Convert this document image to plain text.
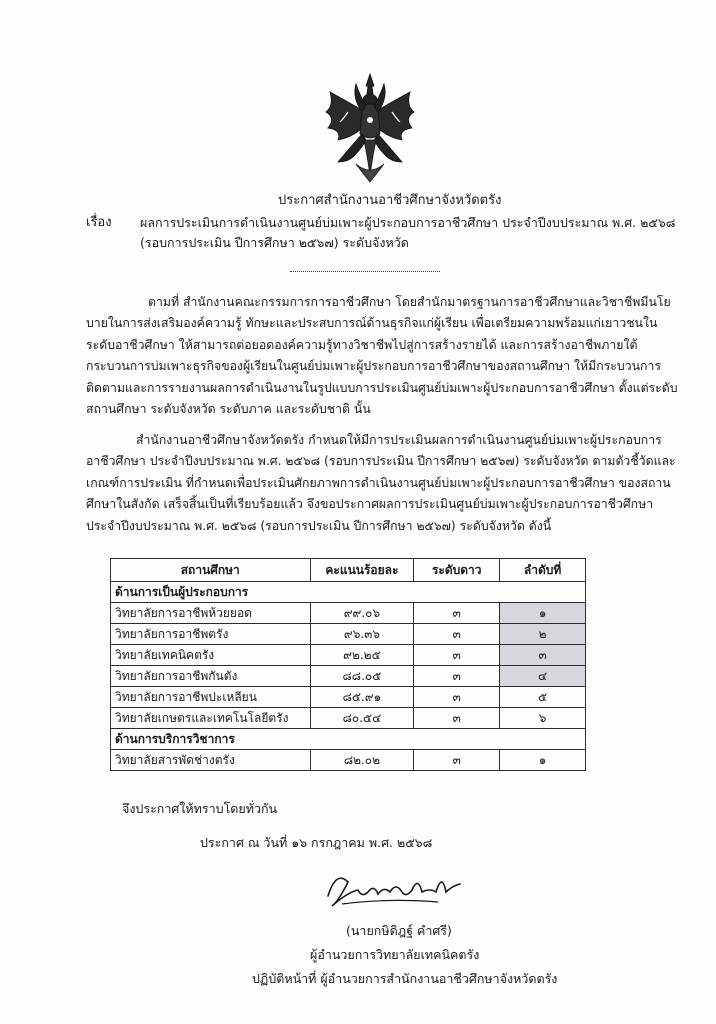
ประกาศสำนักงานอาชีวศึกษาจังหวัดตรัง
เรื่อง ผลการประเมินการดำเนินงานศูนย์บ่มเพาะผู้ประกอบการอาชีวศึกษา ประจำปีงบประมาณ พ.ศ. ๒๕๖๘
(รอบการประเมิน ปีการศึกษา ๒๕๖๗) ระดับจังหวัด
ตามที่ สำนักงานคณะกรรมการการอาชีวศึกษา โดยสำนักมาตรฐานการอาชีวศึกษาและวิชาชีพมีนโยบายในการส่งเสริมองค์ความรู้ ทักษะและประสบการณ์ด้านธุรกิจแก่ผู้เรียน เพื่อเตรียมความพร้อมแก่เยาวชนในระดับอาชีวศึกษา ให้สามารถต่อยอดองค์ความรู้ทางวิชาชีพไปสู่การสร้างรายได้ และการสร้างอาชีพภายใต้กระบวนการบ่มเพาะธุรกิจของผู้เรียนในศูนย์บ่มเพาะผู้ประกอบการอาชีวศึกษาของสถานศึกษา ให้มีกระบวนการติดตามและการรายงานผลการดำเนินงานในรูปแบบการประเมินศูนย์บ่มเพาะผู้ประกอบการอาชีวศึกษา ตั้งแต่ระดับสถานศึกษา ระดับจังหวัด ระดับภาค และระดับชาติ นั้น
สำนักงานอาชีวศึกษาจังหวัดตรัง กำหนดให้มีการประเมินผลการดำเนินงานศูนย์บ่มเพาะผู้ประกอบการอาชีวศึกษา ประจำปีงบประมาณ พ.ศ. ๒๕๖๘ (รอบการประเมิน ปีการศึกษา ๒๕๖๗) ระดับจังหวัด ตามตัวชี้วัดและเกณฑ์การประเมิน ที่กำหนดเพื่อประเมินศักยภาพการดำเนินงานศูนย์บ่มเพาะผู้ประกอบการอาชีวศึกษา ของสถานศึกษาในสังกัด เสร็จสิ้นเป็นที่เรียบร้อยแล้ว จึงขอประกาศผลการประเมินศูนย์บ่มเพาะผู้ประกอบการอาชีวศึกษา ประจำปีงบประมาณ พ.ศ. ๒๕๖๘ (รอบการประเมิน ปีการศึกษา ๒๕๖๗) ระดับจังหวัด ดังนี้
สถานศึกษา	คะแนนร้อยละ	ระดับดาว	ลำดับที่
ด้านการเป็นผู้ประกอบการ			
วิทยาลัยการอาชีพห้วยยอด	๙๙.๐๖	๓	๑
วิทยาลัยการอาชีพตรัง	๙๖.๓๖	๓	๒
วิทยาลัยเทคนิคตรัง	๙๒.๒๕	๓	๓
วิทยาลัยการอาชีพกันตัง	๘๘.๐๕	๓	๔
วิทยาลัยการอาชีพปะเหลียน	๘๕.๙๑	๓	๕
วิทยาลัยเกษตรและเทคโนโลยีตรัง	๘๐.๕๔	๓	๖
ด้านการบริการวิชาการ			
วิทยาลัยสารพัดช่างตรัง	๘๒.๐๒	๓	๑
จึงประกาศให้ทราบโดยทั่วกัน
ประกาศ ณ วันที่ ๑๖ กรกฎาคม พ.ศ. ๒๕๖๘
(นายกษิดิฎฐ์ คำศรี)
ผู้อำนวยการวิทยาลัยเทคนิคตรัง
ปฏิบัติหน้าที่ ผู้อำนวยการสำนักงานอาชีวศึกษาจังหวัดตรัง
